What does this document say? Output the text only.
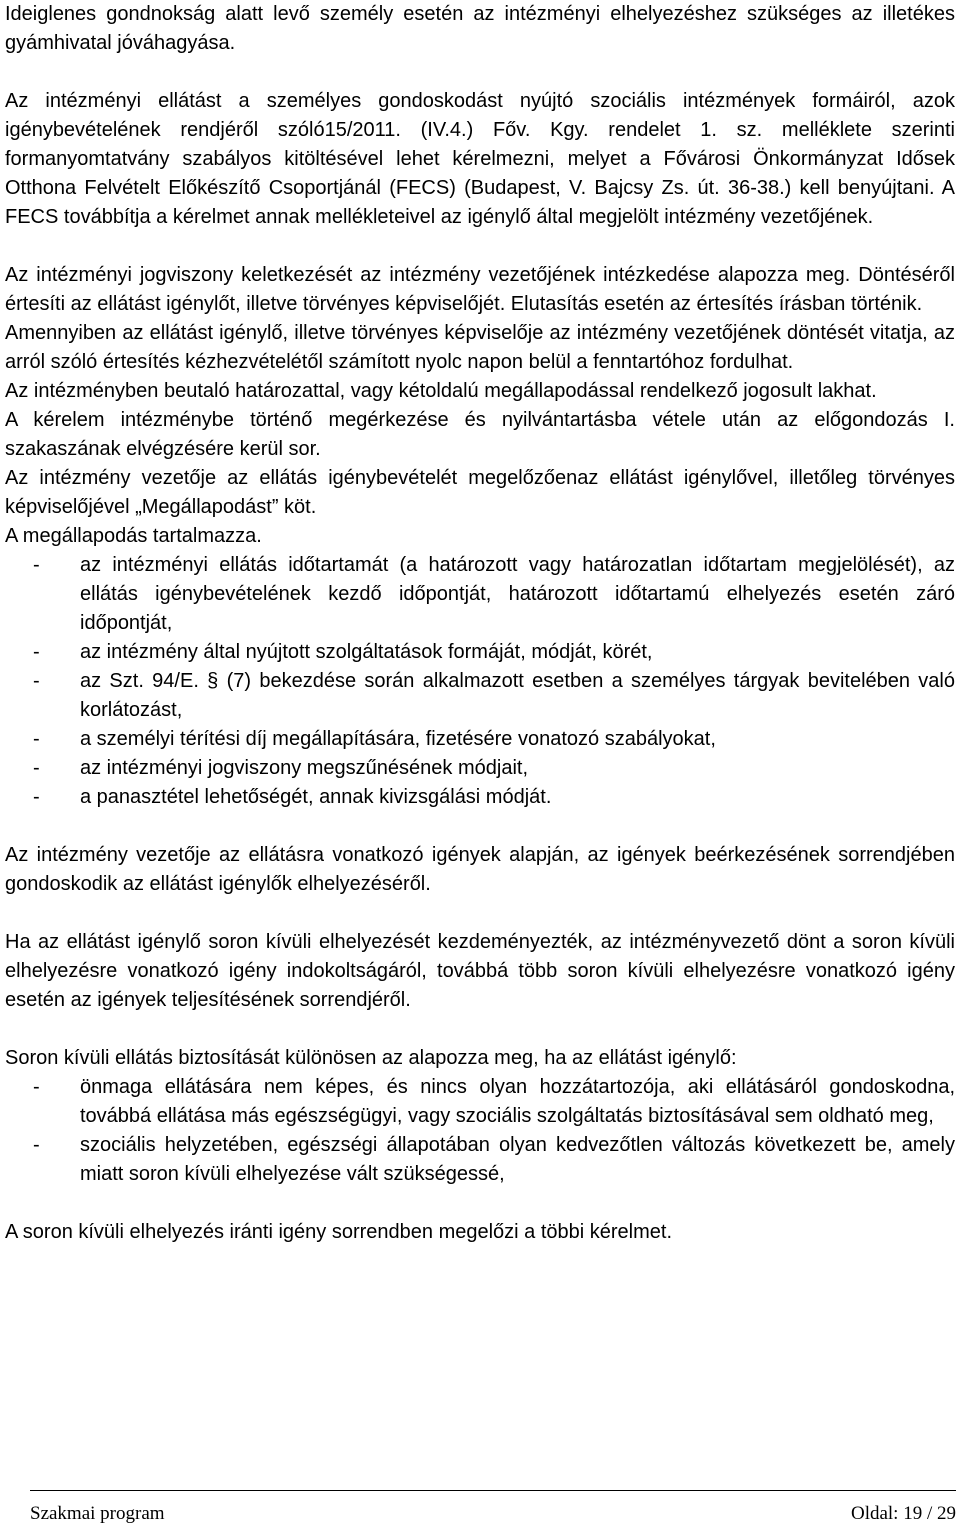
Ideiglenes gondnokság alatt levő személy esetén az intézményi elhelyezéshez szükséges az illetékes gyámhivatal jóváhagyása.

Az intézményi ellátást a személyes gondoskodást nyújtó szociális intézmények formáiról, azok igénybevételének rendjéről szóló15/2011. (IV.4.) Főv. Kgy. rendelet 1. sz. melléklete szerinti formanyomtatvány szabályos kitöltésével lehet kérelmezni, melyet a Fővárosi Önkormányzat Idősek Otthona Felvételt Előkészítő Csoportjánál (FECS) (Budapest, V. Bajcsy Zs. út. 36-38.) kell benyújtani. A FECS továbbítja a kérelmet annak mellékleteivel az igénylő által megjelölt intézmény vezetőjének.

Az intézményi jogviszony keletkezését az intézmény vezetőjének intézkedése alapozza meg. Döntéséről értesíti az ellátást igénylőt, illetve törvényes képviselőjét. Elutasítás esetén az értesítés írásban történik.

Amennyiben az ellátást igénylő, illetve törvényes képviselője az intézmény vezetőjének döntését vitatja, az arról szóló értesítés kézhezvételétől számított nyolc napon belül a fenntartóhoz fordulhat.

Az intézményben beutaló határozattal, vagy kétoldalú megállapodással rendelkező jogosult lakhat.

A kérelem intézménybe történő megérkezése és nyilvántartásba vétele után az előgondozás I. szakaszának elvégzésére kerül sor.

Az intézmény vezetője az ellátás igénybevételét megelőzőenaz ellátást igénylővel, illetőleg törvényes képviselőjével „Megállapodást” köt.

A megállapodás tartalmazza.

- az intézményi ellátás időtartamát (a határozott vagy határozatlan időtartam megjelölését), az ellátás igénybevételének kezdő időpontját, határozott időtartamú elhelyezés esetén záró időpontját,
- az intézmény által nyújtott szolgáltatások formáját, módját, körét,
- az Szt. 94/E. § (7) bekezdése során alkalmazott esetben a személyes tárgyak bevitelében való korlátozást,
- a személyi térítési díj megállapítására, fizetésére vonatozó szabályokat,
- az intézményi jogviszony megszűnésének módjait,
- a panasztétel lehetőségét, annak kivizsgálási módját.

Az intézmény vezetője az ellátásra vonatkozó igények alapján, az igények beérkezésének sorrendjében gondoskodik az ellátást igénylők elhelyezéséről.

Ha az ellátást igénylő soron kívüli elhelyezését kezdeményezték, az intézményvezető dönt a soron kívüli elhelyezésre vonatkozó igény indokoltságáról, továbbá több soron kívüli elhelyezésre vonatkozó igény esetén az igények teljesítésének sorrendjéről.

Soron kívüli ellátás biztosítását különösen az alapozza meg, ha az ellátást igénylő:

- önmaga ellátására nem képes, és nincs olyan hozzátartozója, aki ellátásáról gondoskodna, továbbá ellátása más egészségügyi, vagy szociális szolgáltatás biztosításával sem oldható meg,
- szociális helyzetében, egészségi állapotában olyan kedvezőtlen változás következett be, amely miatt soron kívüli elhelyezése vált szükségessé,

A soron kívüli elhelyezés iránti igény sorrendben megelőzi a többi kérelmet.

Szakmai program	Oldal: 19 / 29
